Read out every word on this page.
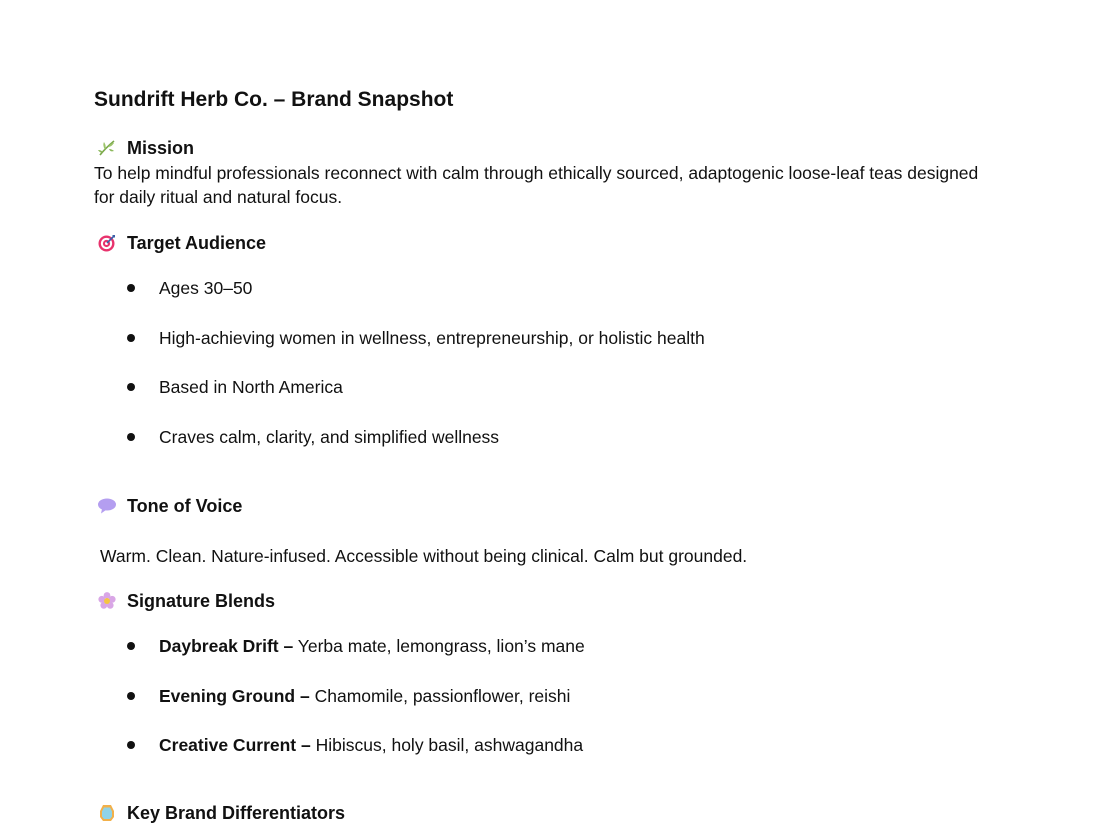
Sundrift Herb Co. – Brand Snapshot
Mission

To help mindful professionals reconnect with calm through ethically sourced, adaptogenic loose-leaf teas designed for daily ritual and natural focus.

Target Audience
Ages 30–50
High-achieving women in wellness, entrepreneurship, or holistic health
Based in North America
Craves calm, clarity, and simplified wellness
Tone of Voice

Warm. Clean. Nature-infused. Accessible without being clinical. Calm but grounded.

Signature Blends
Daybreak Drift – Yerba mate, lemongrass, lion’s mane
Evening Ground – Chamomile, passionflower, reishi
Creative Current – Hibiscus, holy basil, ashwagandha
Key Brand Differentiators
